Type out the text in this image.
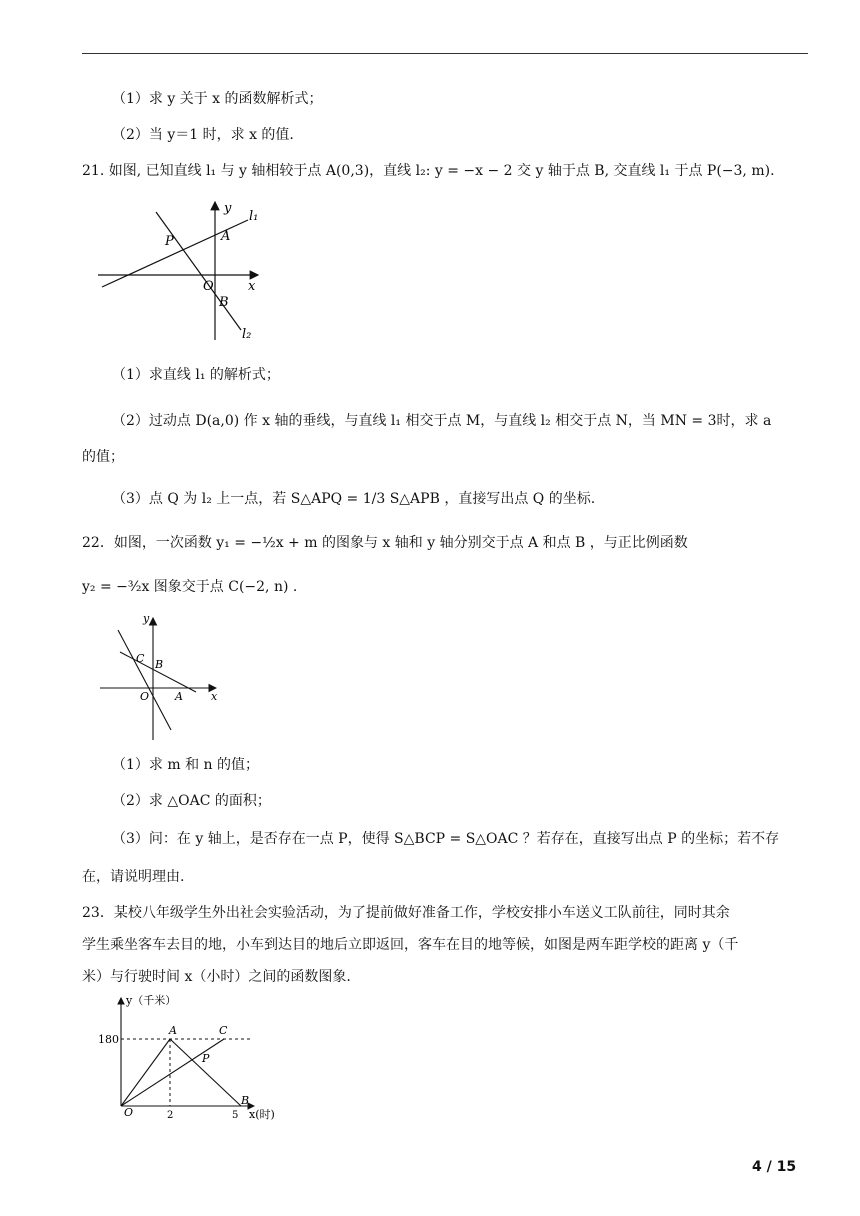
（1）求 y 关于 x 的函数解析式；
（2）当 y＝1 时，求 x 的值.
21. 如图, 已知直线 l₁ 与 y 轴相较于点 A(0,3)，直线 l₂: y = −x − 2 交 y 轴于点 B, 交直线 l₁ 于点 P(−3, m).
y
l₁
P	A
O	x
B
l₂
（1）求直线 l₁ 的解析式；
（2）过动点 D(a,0) 作 x 轴的垂线，与直线 l₁ 相交于点 M，与直线 l₂ 相交于点 N，当 MN = 3时，求 a
的值；
（3）点 Q 为 l₂ 上一点，若 S△APQ = 1/3 S△APB ，直接写出点 Q 的坐标.
22．如图，一次函数 y₁ = −½x + m 的图象与 x 轴和 y 轴分别交于点 A 和点 B ，与正比例函数
y₂ = −³⁄₂x 图象交于点 C(−2, n) .
y
C B
O A	x
（1）求 m 和 n 的值；
（2）求 △OAC 的面积；
（3）问：在 y 轴上，是否存在一点 P，使得 S△BCP = S△OAC ？若存在，直接写出点 P 的坐标；若不存
在，请说明理由.
23．某校八年级学生外出社会实验活动，为了提前做好准备工作，学校安排小车送义工队前往，同时其余
学生乘坐客车去目的地，小车到达目的地后立即返回，客车在目的地等候，如图是两车距学校的距离 y（千
米）与行驶时间 x（小时）之间的函数图象.
y（千米）
180
A	C
P
B
O	2	5 x(时)
4 / 15
